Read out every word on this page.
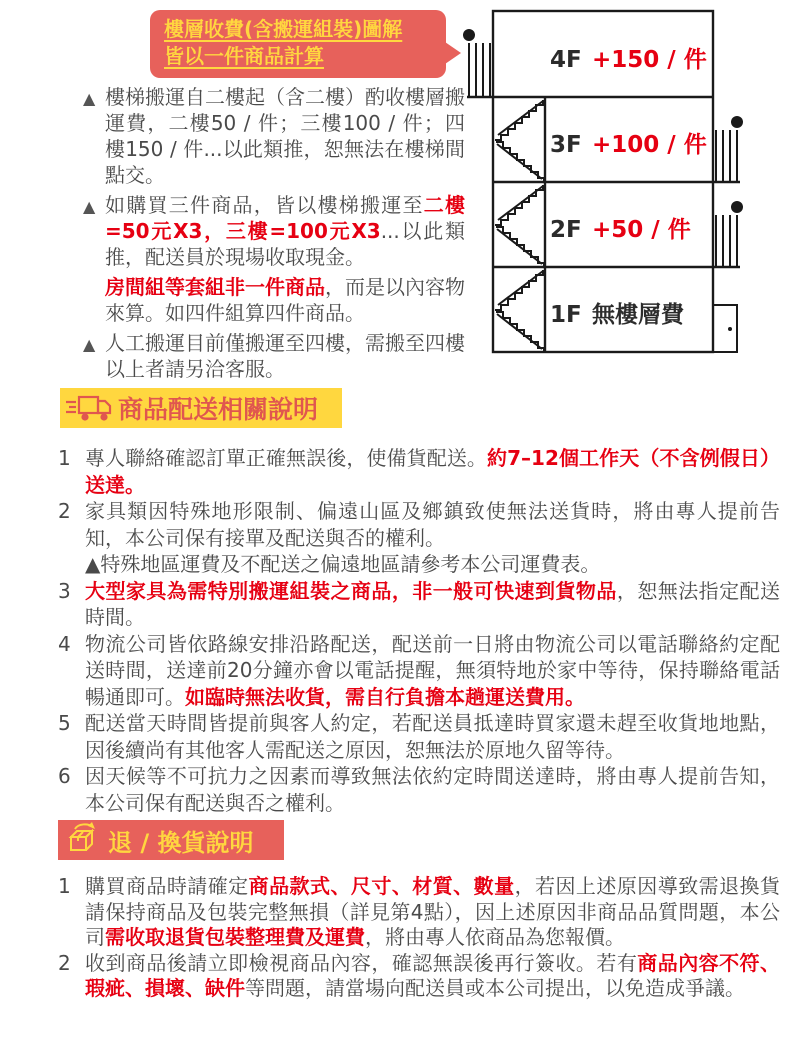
樓層收費(含搬運組裝)圖解
皆以一件商品計算
▲ 樓梯搬運自二樓起（含二樓）酌收樓層搬運費，二樓50 / 件；三樓100 / 件；四樓150 / 件...以此類推，恕無法在樓梯間點交。
▲ 如購買三件商品，皆以樓梯搬運至二樓=50元X3，三樓=100元X3...以此類推，配送員於現場收取現金。
房間組等套組非一件商品，而是以內容物來算。如四件組算四件商品。
▲ 人工搬運目前僅搬運至四樓，需搬至四樓以上者請另洽客服。
4F +150 / 件
3F +100 / 件
2F +50 / 件
1F 無樓層費
商品配送相關說明
1 專人聯絡確認訂單正確無誤後，使備貨配送。約7–12個工作天（不含例假日）送達。
2 家具類因特殊地形限制、偏遠山區及鄉鎮致使無法送貨時，將由專人提前告知，本公司保有接單及配送與否的權利。
▲特殊地區運費及不配送之偏遠地區請參考本公司運費表。
3 大型家具為需特別搬運組裝之商品，非一般可快速到貨物品，恕無法指定配送時間。
4 物流公司皆依路線安排沿路配送，配送前一日將由物流公司以電話聯絡約定配送時間，送達前20分鐘亦會以電話提醒，無須特地於家中等待，保持聯絡電話暢通即可。如臨時無法收貨，需自行負擔本趟運送費用。
5 配送當天時間皆提前與客人約定，若配送員抵達時買家還未趕至收貨地地點，因後續尚有其他客人需配送之原因，恕無法於原地久留等待。
6 因天候等不可抗力之因素而導致無法依約定時間送達時，將由專人提前告知，本公司保有配送與否之權利。
退 / 換貨說明
1 購買商品時請確定商品款式、尺寸、材質、數量，若因上述原因導致需退換貨請保持商品及包裝完整無損（詳見第4點），因上述原因非商品品質問題，本公司需收取退貨包裝整理費及運費，將由專人依商品為您報價。
2 收到商品後請立即檢視商品內容，確認無誤後再行簽收。若有商品內容不符、瑕疵、損壞、缺件等問題，請當場向配送員或本公司提出，以免造成爭議。
